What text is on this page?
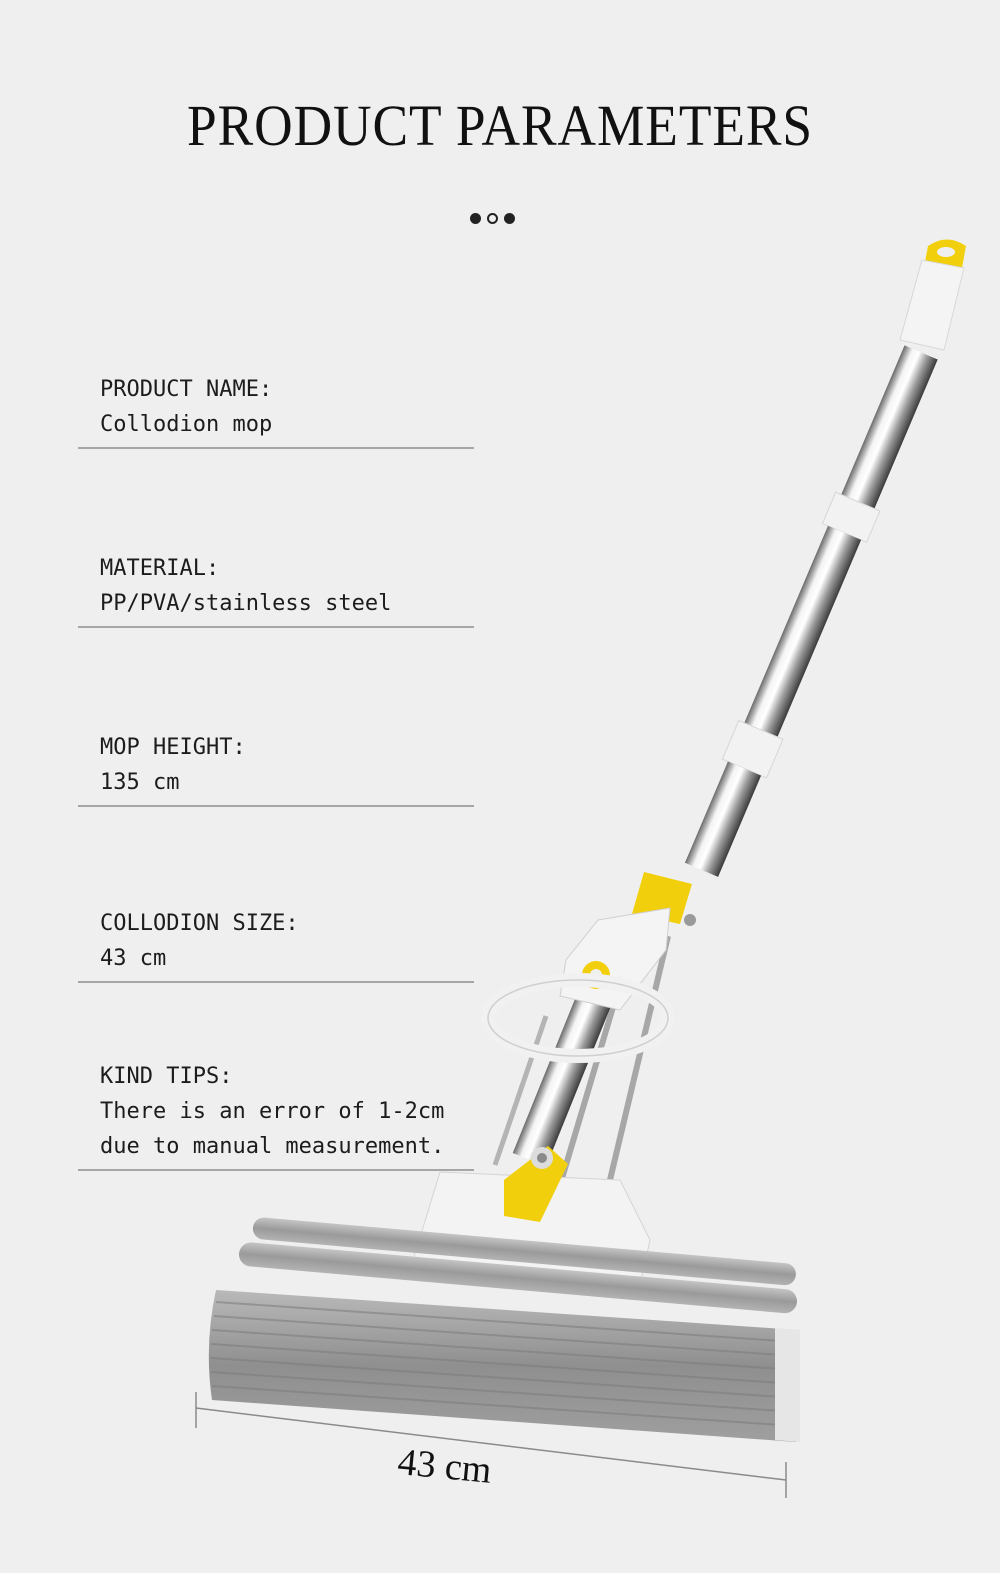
PRODUCT PARAMETERS
PRODUCT NAME:
Collodion mop
MATERIAL:
PP/PVA/stainless steel
MOP HEIGHT:
135 cm
COLLODION SIZE:
43 cm
KIND TIPS:
There is an error of 1-2cm
due to manual measurement.
43 cm
